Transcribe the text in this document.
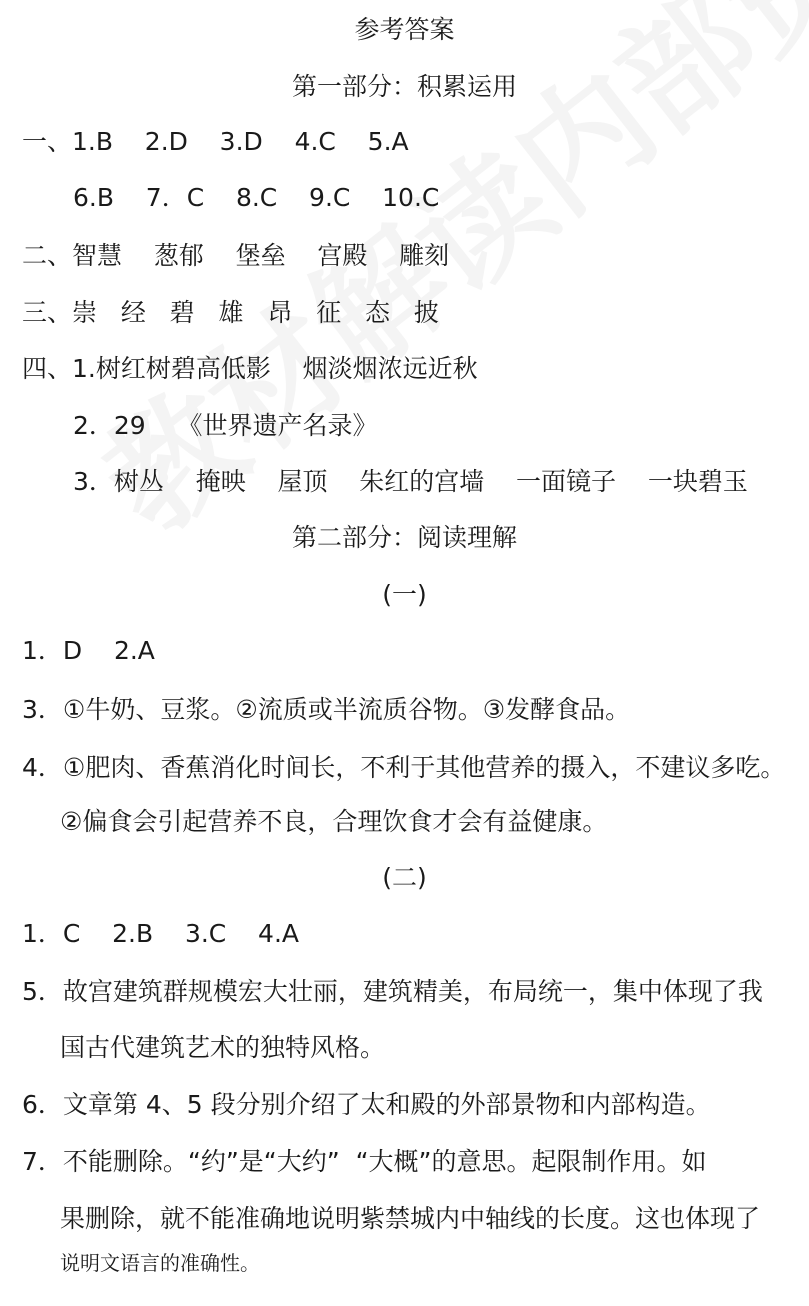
参考答案
第一部分：积累运用
一、1.B    2.D    3.D    4.C    5.A
6.B    7．C    8.C    9.C    10.C
二、智慧    葱郁    堡垒    宫殿    雕刻
三、崇   经   碧   雄   昂   征   态   披
四、1.树红树碧高低影    烟淡烟浓远近秋
2．29    《世界遗产名录》
3．树丛    掩映    屋顶    朱红的宫墙    一面镜子    一块碧玉
第二部分：阅读理解
(一)
1．D    2.A
3．①牛奶、豆浆。②流质或半流质谷物。③发酵食品。
4．①肥肉、香蕉消化时间长，不利于其他营养的摄入，不建议多吃。
②偏食会引起营养不良，合理饮食才会有益健康。
(二)
1．C    2.B    3.C    4.A
5．故宫建筑群规模宏大壮丽，建筑精美，布局统一，集中体现了我
国古代建筑艺术的独特风格。
6．文章第 4、5 段分别介绍了太和殿的外部景物和内部构造。
7．不能删除。“约”是“大约”  “大概”的意思。起限制作用。如
果删除，就不能准确地说明紫禁城内中轴线的长度。这也体现了
说明文语言的准确性。
